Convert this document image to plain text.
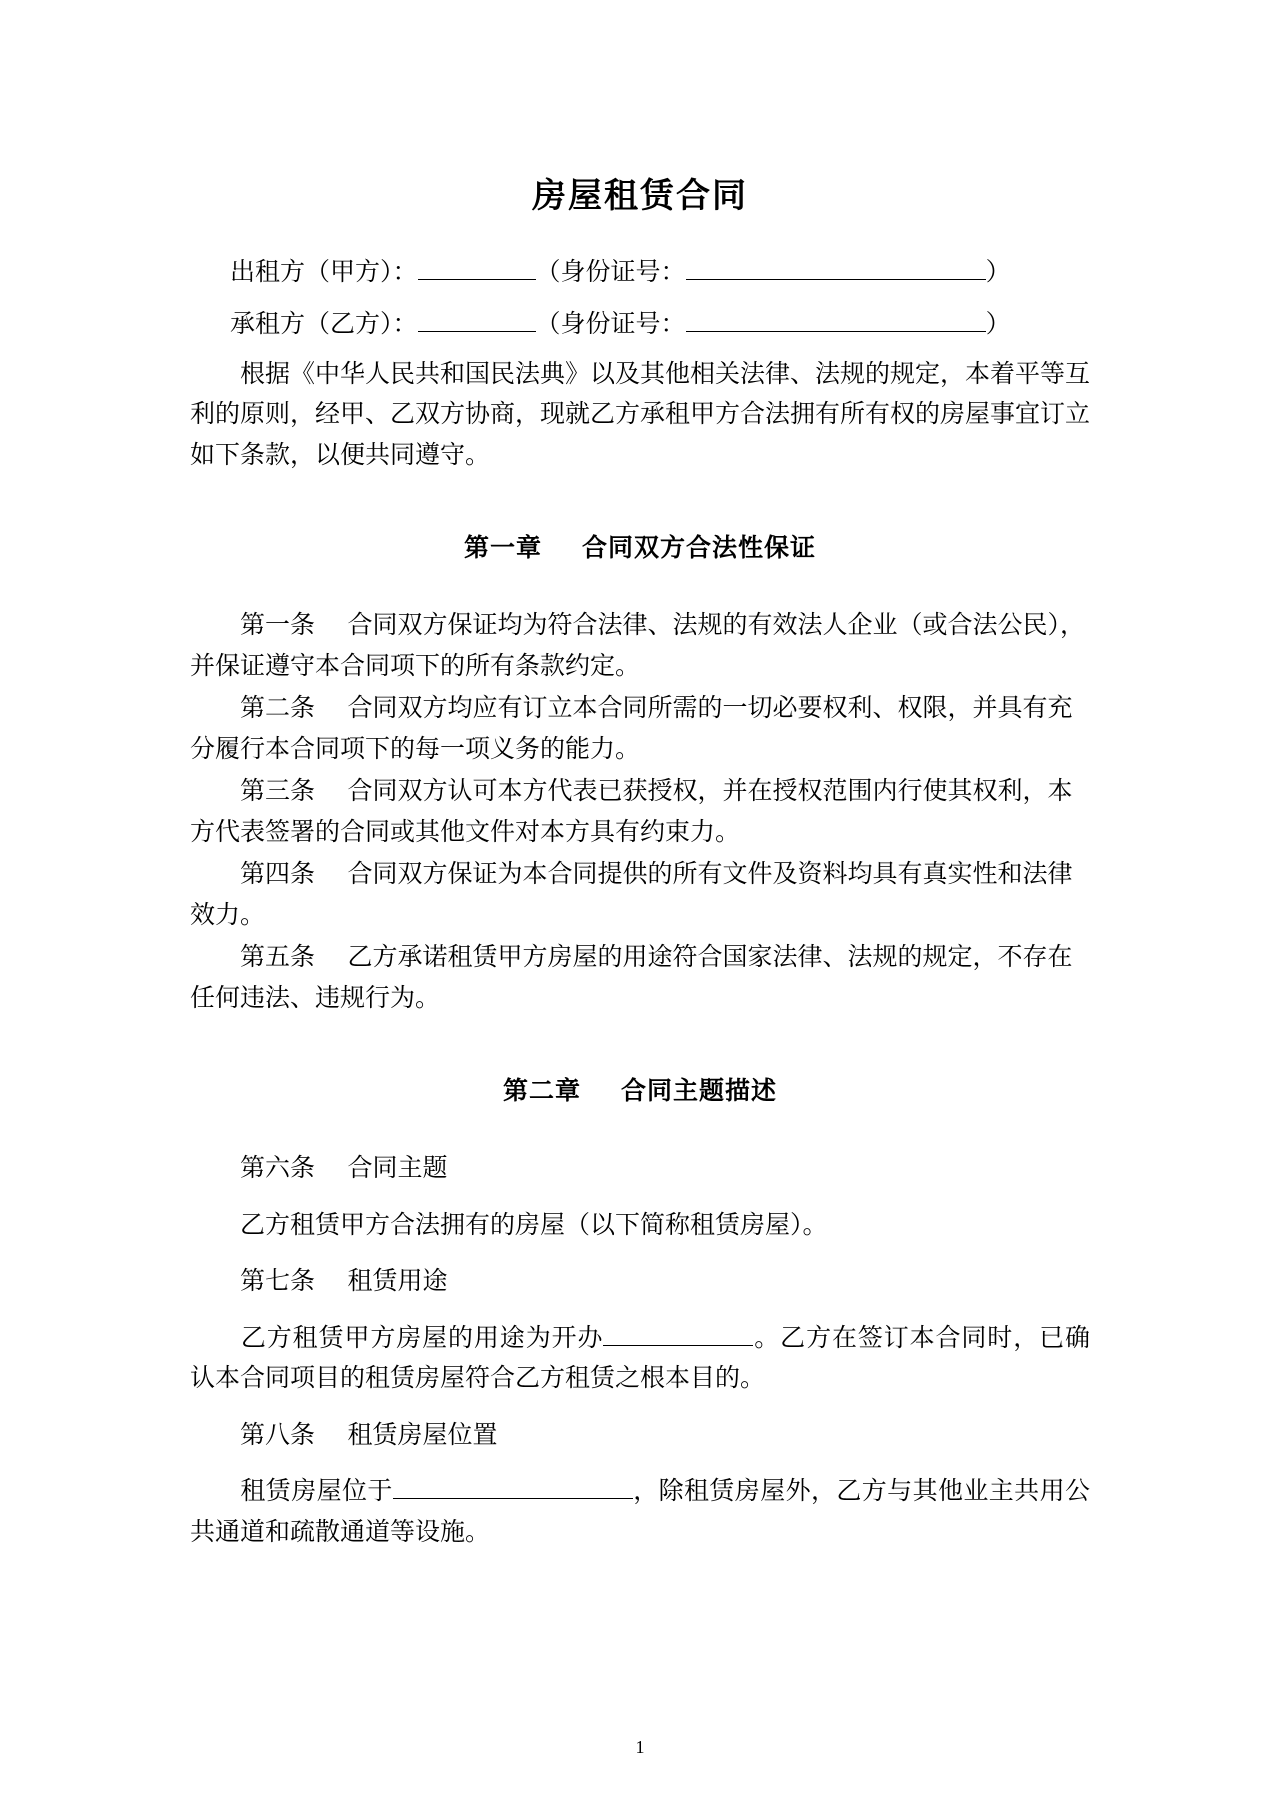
房屋租赁合同

出租方（甲方）：	（身份证号：	）

承租方（乙方）：	（身份证号：	）

根据《中华人民共和国民法典》以及其他相关法律、法规的规定，本着平等互利的原则，经甲、乙双方协商，现就乙方承租甲方合法拥有所有权的房屋事宜订立如下条款，以便共同遵守。

第一章 合同双方合法性保证

第一条 合同双方保证均为符合法律、法规的有效法人企业（或合法公民），并保证遵守本合同项下的所有条款约定。

第二条 合同双方均应有订立本合同所需的一切必要权利、权限，并具有充分履行本合同项下的每一项义务的能力。

第三条 合同双方认可本方代表已获授权，并在授权范围内行使其权利，本方代表签署的合同或其他文件对本方具有约束力。

第四条 合同双方保证为本合同提供的所有文件及资料均具有真实性和法律效力。

第五条 乙方承诺租赁甲方房屋的用途符合国家法律、法规的规定，不存在任何违法、违规行为。

第二章 合同主题描述

第六条 合同主题

乙方租赁甲方合法拥有的房屋（以下简称租赁房屋）。

第七条 租赁用途

乙方租赁甲方房屋的用途为开办	。乙方在签订本合同时，已确认本合同项目的租赁房屋符合乙方租赁之根本目的。

第八条 租赁房屋位置

租赁房屋位于	，除租赁房屋外，乙方与其他业主共用公共通道和疏散通道等设施。

1
